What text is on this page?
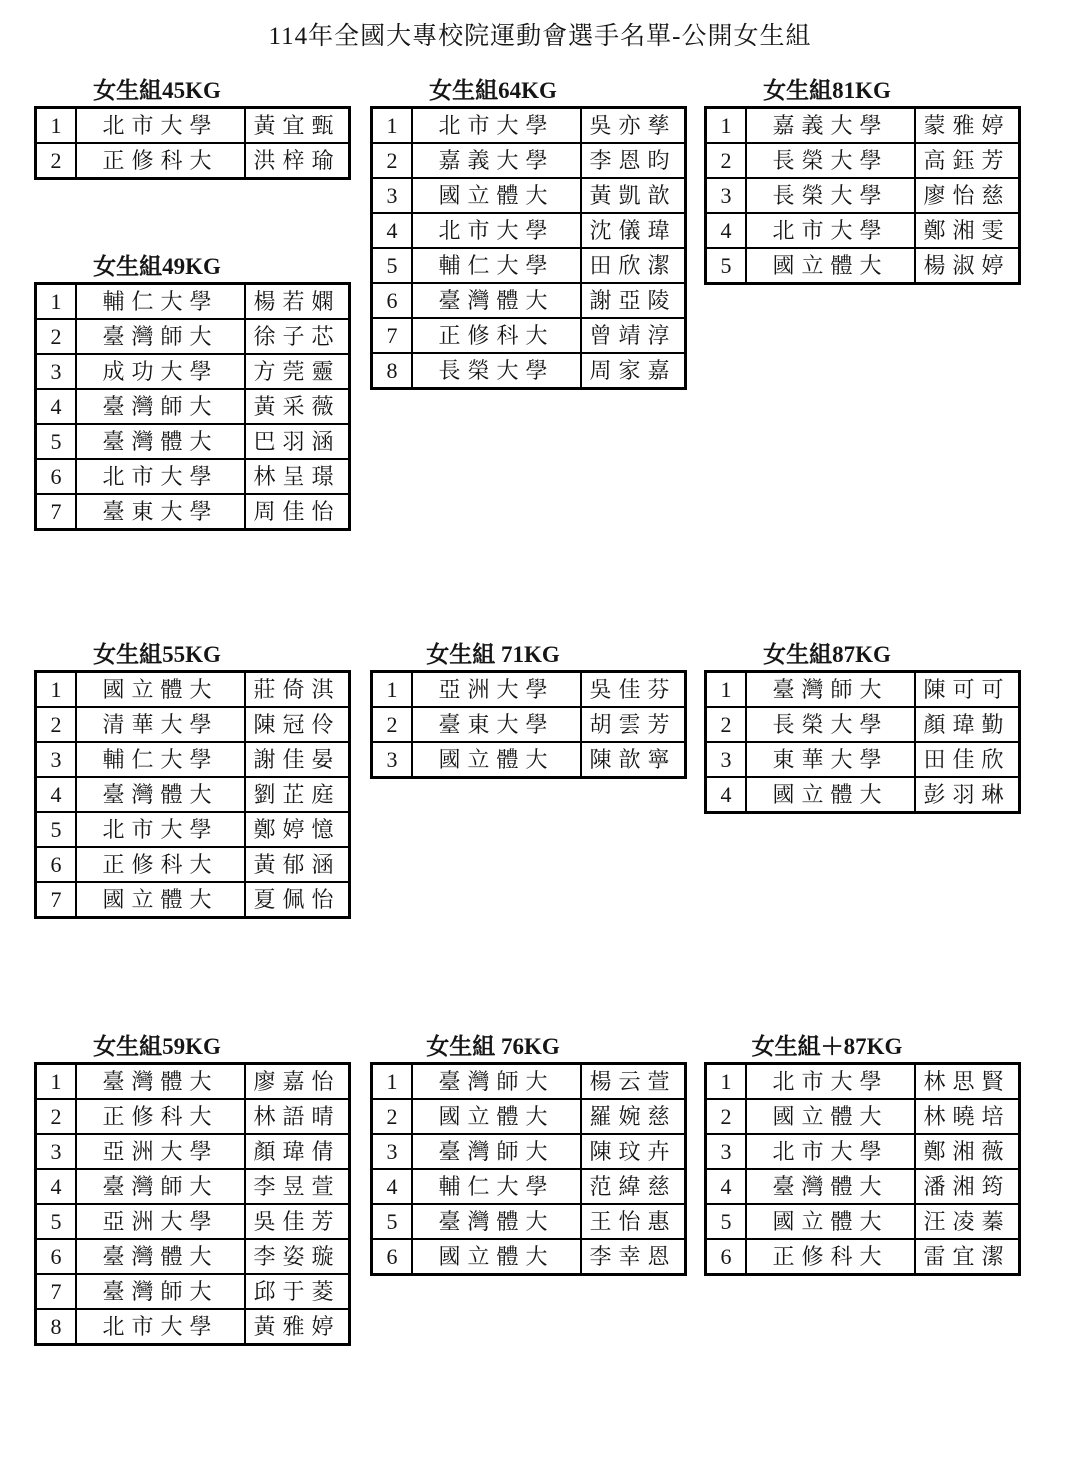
114年全國大專校院運動會選手名單-公開女生組
女生組45KG
1	北市大學	黃宜甄
2	正修科大	洪梓瑜
女生組64KG
1	北市大學	吳亦孳
2	嘉義大學	李恩昀
3	國立體大	黃凱歆
4	北市大學	沈儀瑋
5	輔仁大學	田欣潔
6	臺灣體大	謝亞陵
7	正修科大	曾靖淳
8	長榮大學	周家嘉
女生組81KG
1	嘉義大學	蒙雅婷
2	長榮大學	高鈺芳
3	長榮大學	廖怡慈
4	北市大學	鄭湘雯
5	國立體大	楊淑婷
女生組49KG
1	輔仁大學	楊若嫻
2	臺灣師大	徐子芯
3	成功大學	方莞靈
4	臺灣師大	黃采薇
5	臺灣體大	巴羽涵
6	北市大學	林呈璟
7	臺東大學	周佳怡
女生組55KG
1	國立體大	莊倚淇
2	清華大學	陳冠伶
3	輔仁大學	謝佳晏
4	臺灣體大	劉芷庭
5	北市大學	鄭婷憶
6	正修科大	黃郁涵
7	國立體大	夏佩怡
女生組 71KG
1	亞洲大學	吳佳芬
2	臺東大學	胡雲芳
3	國立體大	陳歆寧
女生組87KG
1	臺灣師大	陳可可
2	長榮大學	顏瑋勤
3	東華大學	田佳欣
4	國立體大	彭羽琳
女生組59KG
1	臺灣體大	廖嘉怡
2	正修科大	林語晴
3	亞洲大學	顏瑋倩
4	臺灣師大	李昱萱
5	亞洲大學	吳佳芳
6	臺灣體大	李姿璇
7	臺灣師大	邱于菱
8	北市大學	黃雅婷
女生組 76KG
1	臺灣師大	楊云萱
2	國立體大	羅婉慈
3	臺灣師大	陳玟卉
4	輔仁大學	范緯慈
5	臺灣體大	王怡惠
6	國立體大	李幸恩
女生組＋87KG
1	北市大學	林思賢
2	國立體大	林曉培
3	北市大學	鄭湘薇
4	臺灣體大	潘湘筠
5	國立體大	汪凌蓁
6	正修科大	雷宜潔
